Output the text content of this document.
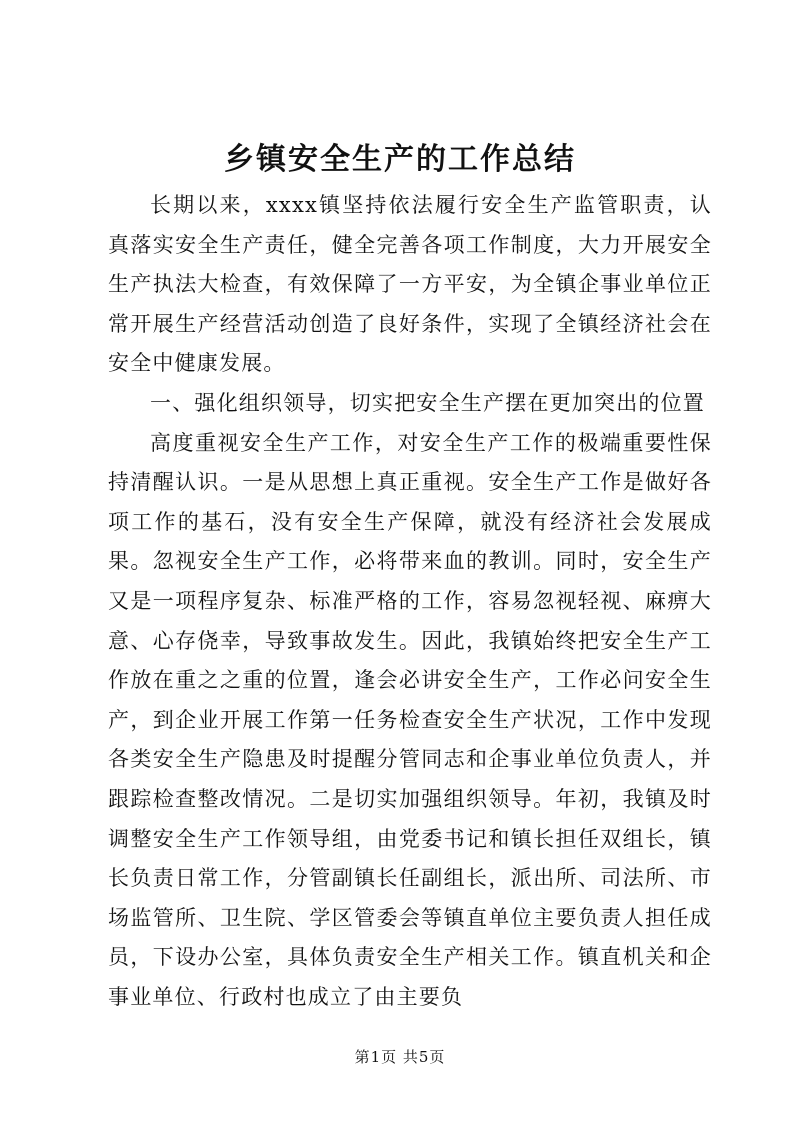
乡镇安全生产的工作总结

长期以来，xxxx镇坚持依法履行安全生产监管职责，认真落实安全生产责任，健全完善各项工作制度，大力开展安全生产执法大检查，有效保障了一方平安，为全镇企事业单位正常开展生产经营活动创造了良好条件，实现了全镇经济社会在安全中健康发展。

一、强化组织领导，切实把安全生产摆在更加突出的位置

高度重视安全生产工作，对安全生产工作的极端重要性保持清醒认识。一是从思想上真正重视。安全生产工作是做好各项工作的基石，没有安全生产保障，就没有经济社会发展成果。忽视安全生产工作，必将带来血的教训。同时，安全生产又是一项程序复杂、标准严格的工作，容易忽视轻视、麻痹大意、心存侥幸，导致事故发生。因此，我镇始终把安全生产工作放在重之之重的位置，逢会必讲安全生产，工作必问安全生产，到企业开展工作第一任务检查安全生产状况，工作中发现各类安全生产隐患及时提醒分管同志和企事业单位负责人，并跟踪检查整改情况。二是切实加强组织领导。年初，我镇及时调整安全生产工作领导组，由党委书记和镇长担任双组长，镇长负责日常工作，分管副镇长任副组长，派出所、司法所、市场监管所、卫生院、学区管委会等镇直单位主要负责人担任成员，下设办公室，具体负责安全生产相关工作。镇直机关和企事业单位、行政村也成立了由主要负

第1页 共5页
